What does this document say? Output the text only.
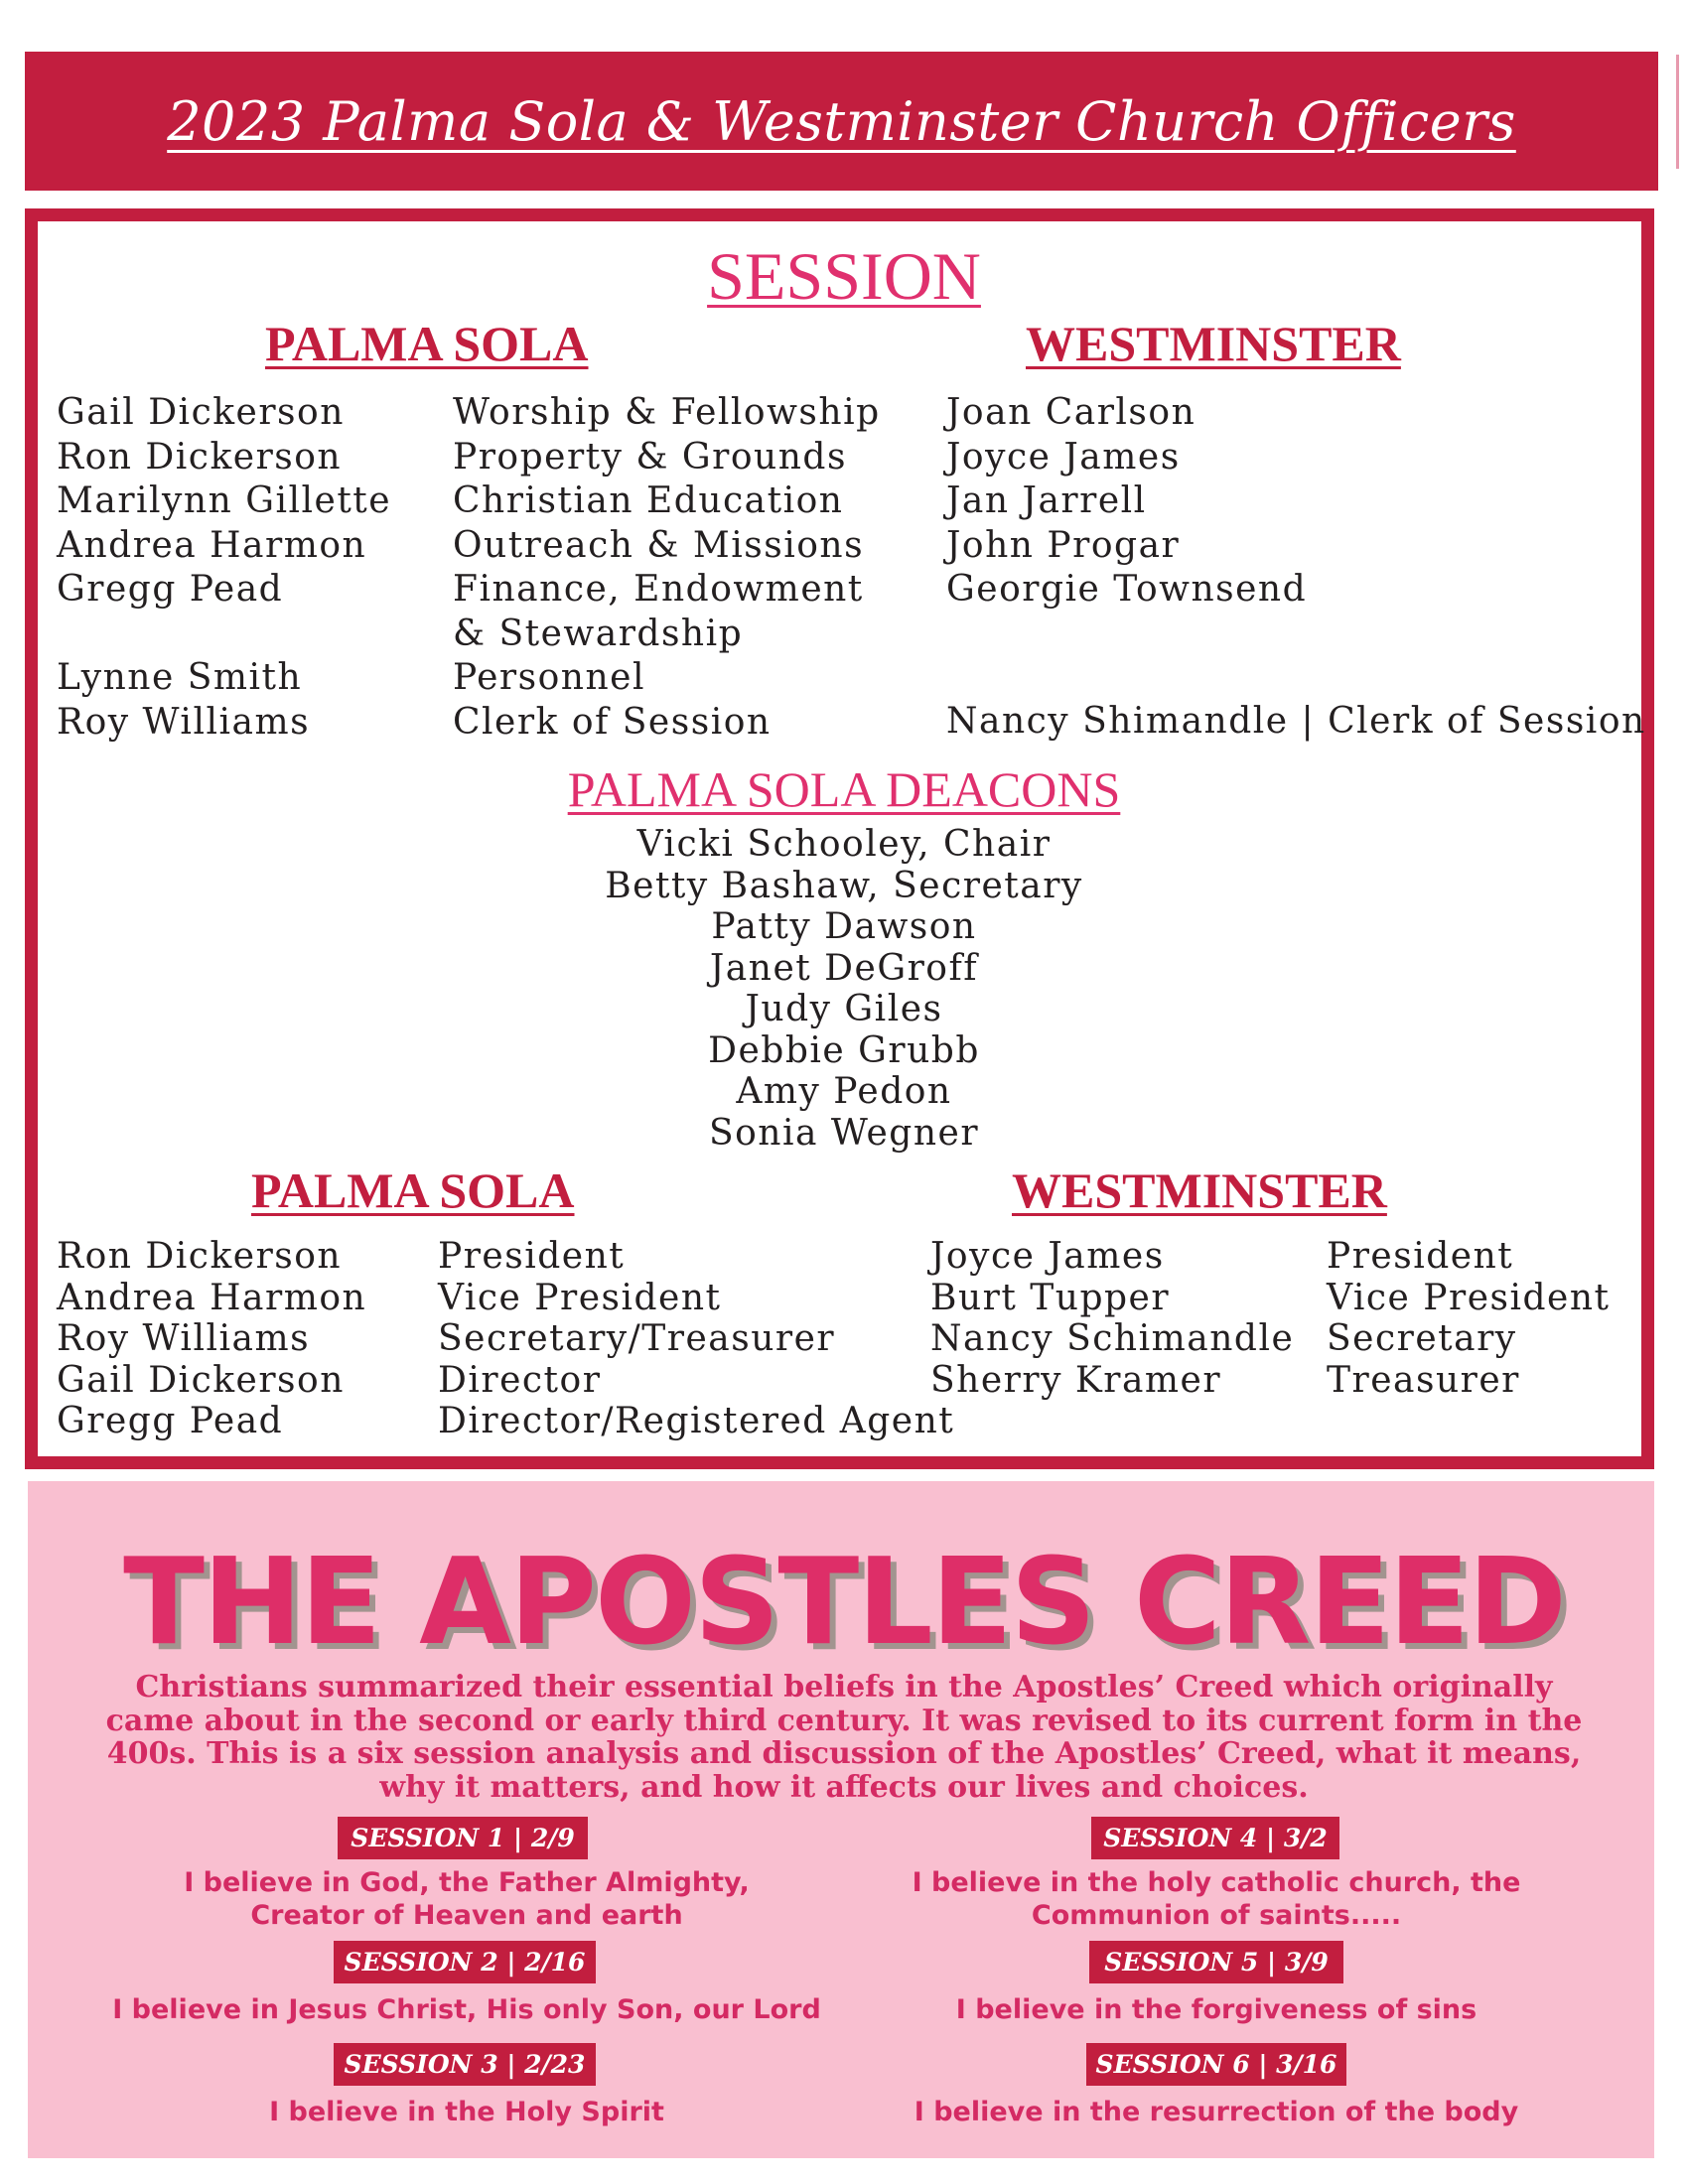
2023 Palma Sola & Westminster Church Officers
SESSION
PALMA SOLA	WESTMINSTER
Gail Dickerson
Ron Dickerson
Marilynn Gillette
Andrea Harmon
Gregg Pead
Lynne Smith
Roy Williams
Worship & Fellowship
Property & Grounds
Christian Education
Outreach & Missions
Finance, Endowment
& Stewardship
Personnel
Clerk of Session
Joan Carlson
Joyce James
Jan Jarrell
John Progar
Georgie Townsend
Nancy Shimandle | Clerk of Session
PALMA SOLA DEACONS
Vicki Schooley, Chair
Betty Bashaw, Secretary
Patty Dawson
Janet DeGroff
Judy Giles
Debbie Grubb
Amy Pedon
Sonia Wegner
PALMA SOLA	WESTMINSTER
Ron Dickerson
Andrea Harmon
Roy Williams
Gail Dickerson
Gregg Pead
President
Vice President
Secretary/Treasurer
Director
Director/Registered Agent
Joyce James
Burt Tupper
Nancy Schimandle
Sherry Kramer
President
Vice President
Secretary
Treasurer
THE APOSTLES CREED
Christians summarized their essential beliefs in the Apostles’ Creed which originally
came about in the second or early third century. It was revised to its current form in the
400s. This is a six session analysis and discussion of the Apostles’ Creed, what it means,
why it matters, and how it affects our lives and choices.
SESSION 1 | 2/9
I believe in God, the Father Almighty,
Creator of Heaven and earth
SESSION 2 | 2/16
I believe in Jesus Christ, His only Son, our Lord
SESSION 3 | 2/23
I believe in the Holy Spirit
SESSION 4 | 3/2
I believe in the holy catholic church, the
Communion of saints.....
SESSION 5 | 3/9
I believe in the forgiveness of sins
SESSION 6 | 3/16
I believe in the resurrection of the body
